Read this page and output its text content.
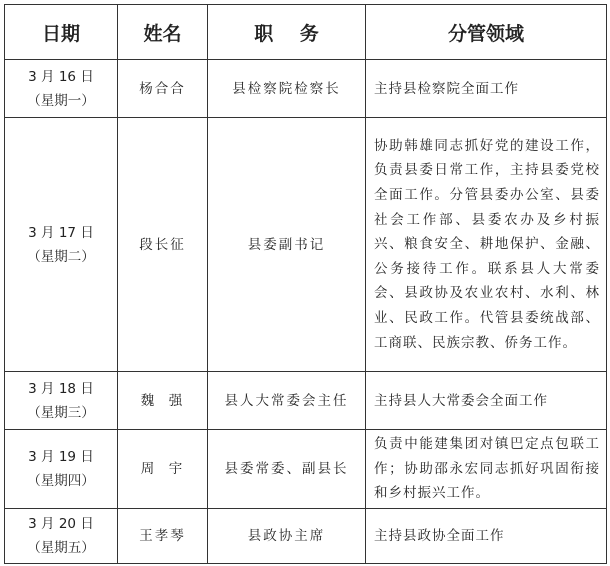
日期	姓名	职    务	分管领域

3 月 16 日
（星期一）	杨合合	县检察院检察长	主持县检察院全面工作

3 月 17 日
（星期二）	段长征	县委副书记	协助韩雄同志抓好党的建设工作，负责县委日常工作，主持县委党校全面工作。分管县委办公室、县委社会工作部、县委农办及乡村振兴、粮食安全、耕地保护、金融、公务接待工作。联系县人大常委会、县政协及农业农村、水利、林业、民政工作。代管县委统战部、工商联、民族宗教、侨务工作。

3 月 18 日
（星期三）	魏  强	县人大常委会主任	主持县人大常委会全面工作

3 月 19 日
（星期四）	周  宇	县委常委、副县长	负责中能建集团对镇巴定点包联工作；协助邵永宏同志抓好巩固衔接和乡村振兴工作。

3 月 20 日
（星期五）	王孝琴	县政协主席	主持县政协全面工作
